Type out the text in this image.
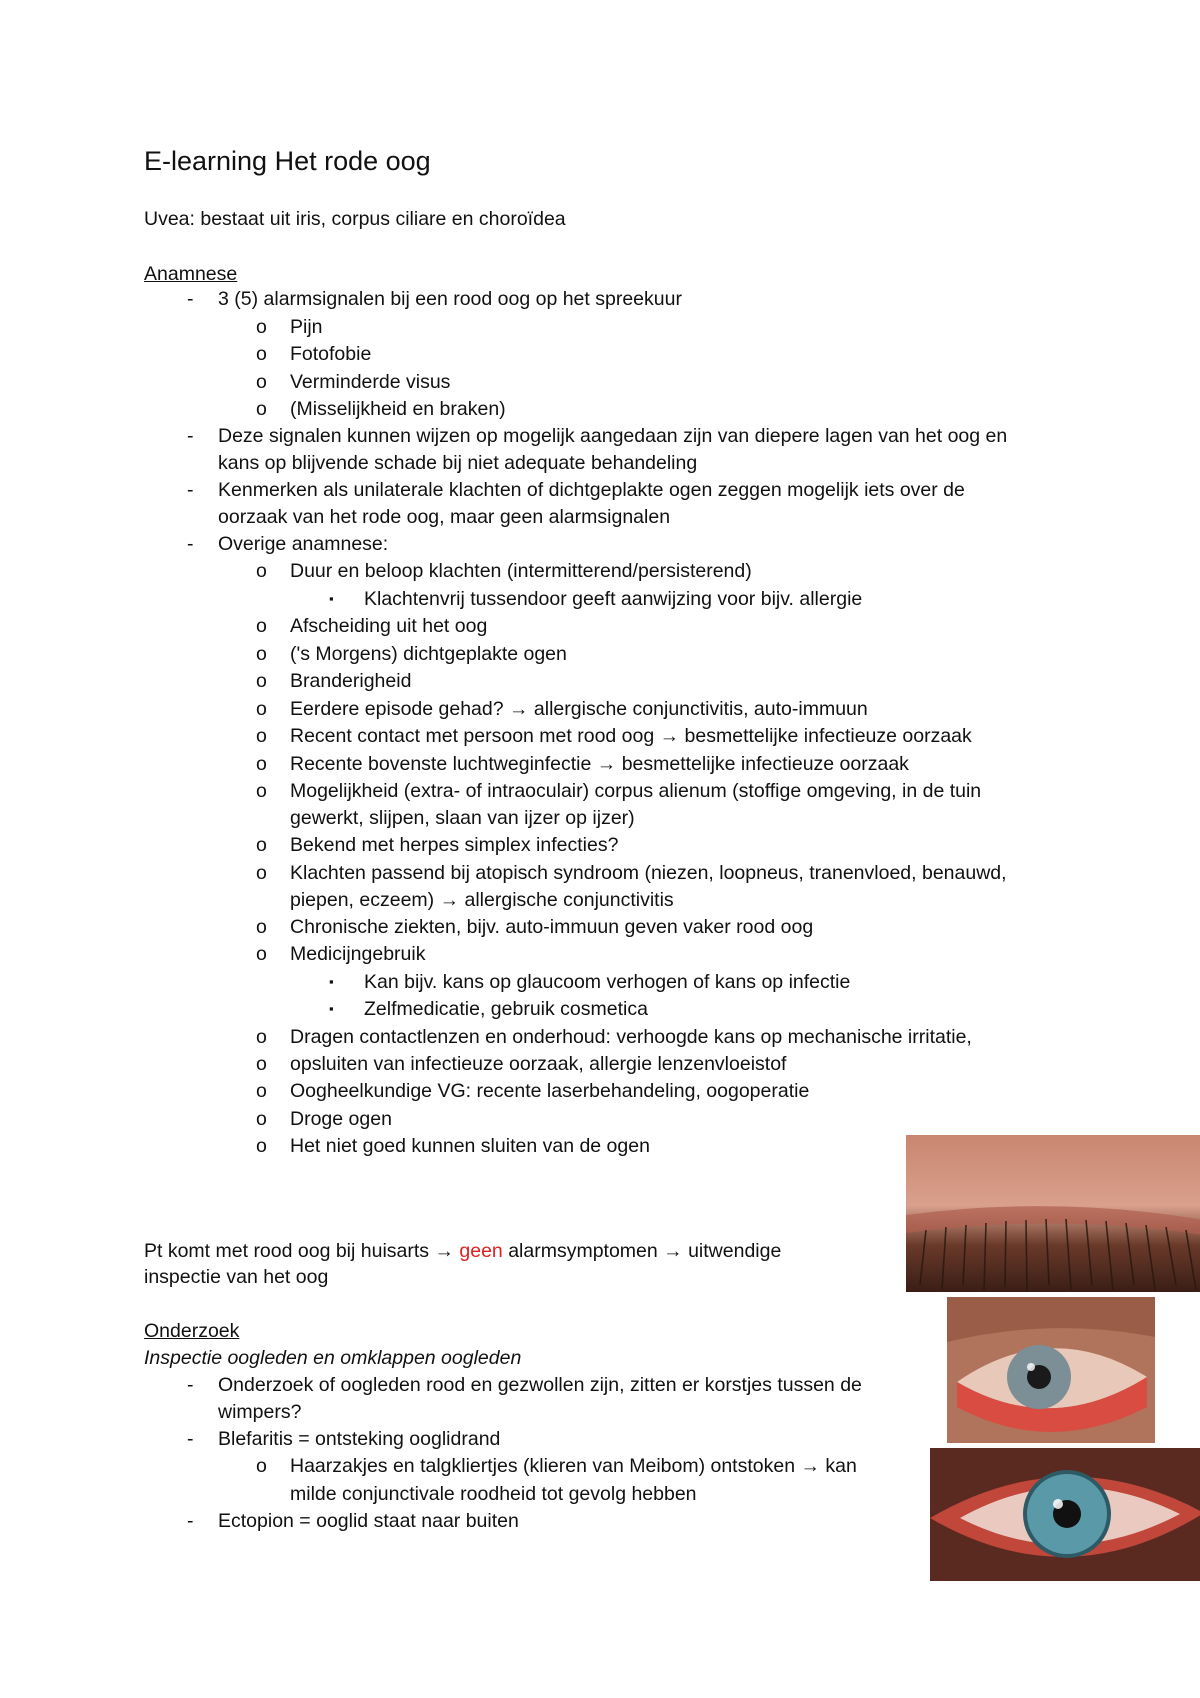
E-learning Het rode oog
Uvea: bestaat uit iris, corpus ciliare en choroïdea
Anamnese
- 3 (5) alarmsignalen bij een rood oog op het spreekuur
o Pijn
o Fotofobie
o Verminderde visus
o (Misselijkheid en braken)
- Deze signalen kunnen wijzen op mogelijk aangedaan zijn van diepere lagen van het oog en
kans op blijvende schade bij niet adequate behandeling
- Kenmerken als unilaterale klachten of dichtgeplakte ogen zeggen mogelijk iets over de
oorzaak van het rode oog, maar geen alarmsignalen
- Overige anamnese:
o Duur en beloop klachten (intermitterend/persisterend)
▪ Klachtenvrij tussendoor geeft aanwijzing voor bijv. allergie
o Afscheiding uit het oog
o ('s Morgens) dichtgeplakte ogen
o Branderigheid
o Eerdere episode gehad? → allergische conjunctivitis, auto-immuun
o Recent contact met persoon met rood oog → besmettelijke infectieuze oorzaak
o Recente bovenste luchtweginfectie → besmettelijke infectieuze oorzaak
o Mogelijkheid (extra- of intraoculair) corpus alienum (stoffige omgeving, in de tuin
gewerkt, slijpen, slaan van ijzer op ijzer)
o Bekend met herpes simplex infecties?
o Klachten passend bij atopisch syndroom (niezen, loopneus, tranenvloed, benauwd,
piepen, eczeem) → allergische conjunctivitis
o Chronische ziekten, bijv. auto-immuun geven vaker rood oog
o Medicijngebruik
▪ Kan bijv. kans op glaucoom verhogen of kans op infectie
▪ Zelfmedicatie, gebruik cosmetica
o Dragen contactlenzen en onderhoud: verhoogde kans op mechanische irritatie,
o opsluiten van infectieuze oorzaak, allergie lenzenvloeistof
o Oogheelkundige VG: recente laserbehandeling, oogoperatie
o Droge ogen
o Het niet goed kunnen sluiten van de ogen
Pt komt met rood oog bij huisarts → geen alarmsymptomen → uitwendige
inspectie van het oog
Onderzoek
Inspectie oogleden en omklappen oogleden
- Onderzoek of oogleden rood en gezwollen zijn, zitten er korstjes tussen de
wimpers?
- Blefaritis = ontsteking ooglidrand
o Haarzakjes en talgkliertjes (klieren van Meibom) ontstoken → kan
milde conjunctivale roodheid tot gevolg hebben
- Ectopion = ooglid staat naar buiten
